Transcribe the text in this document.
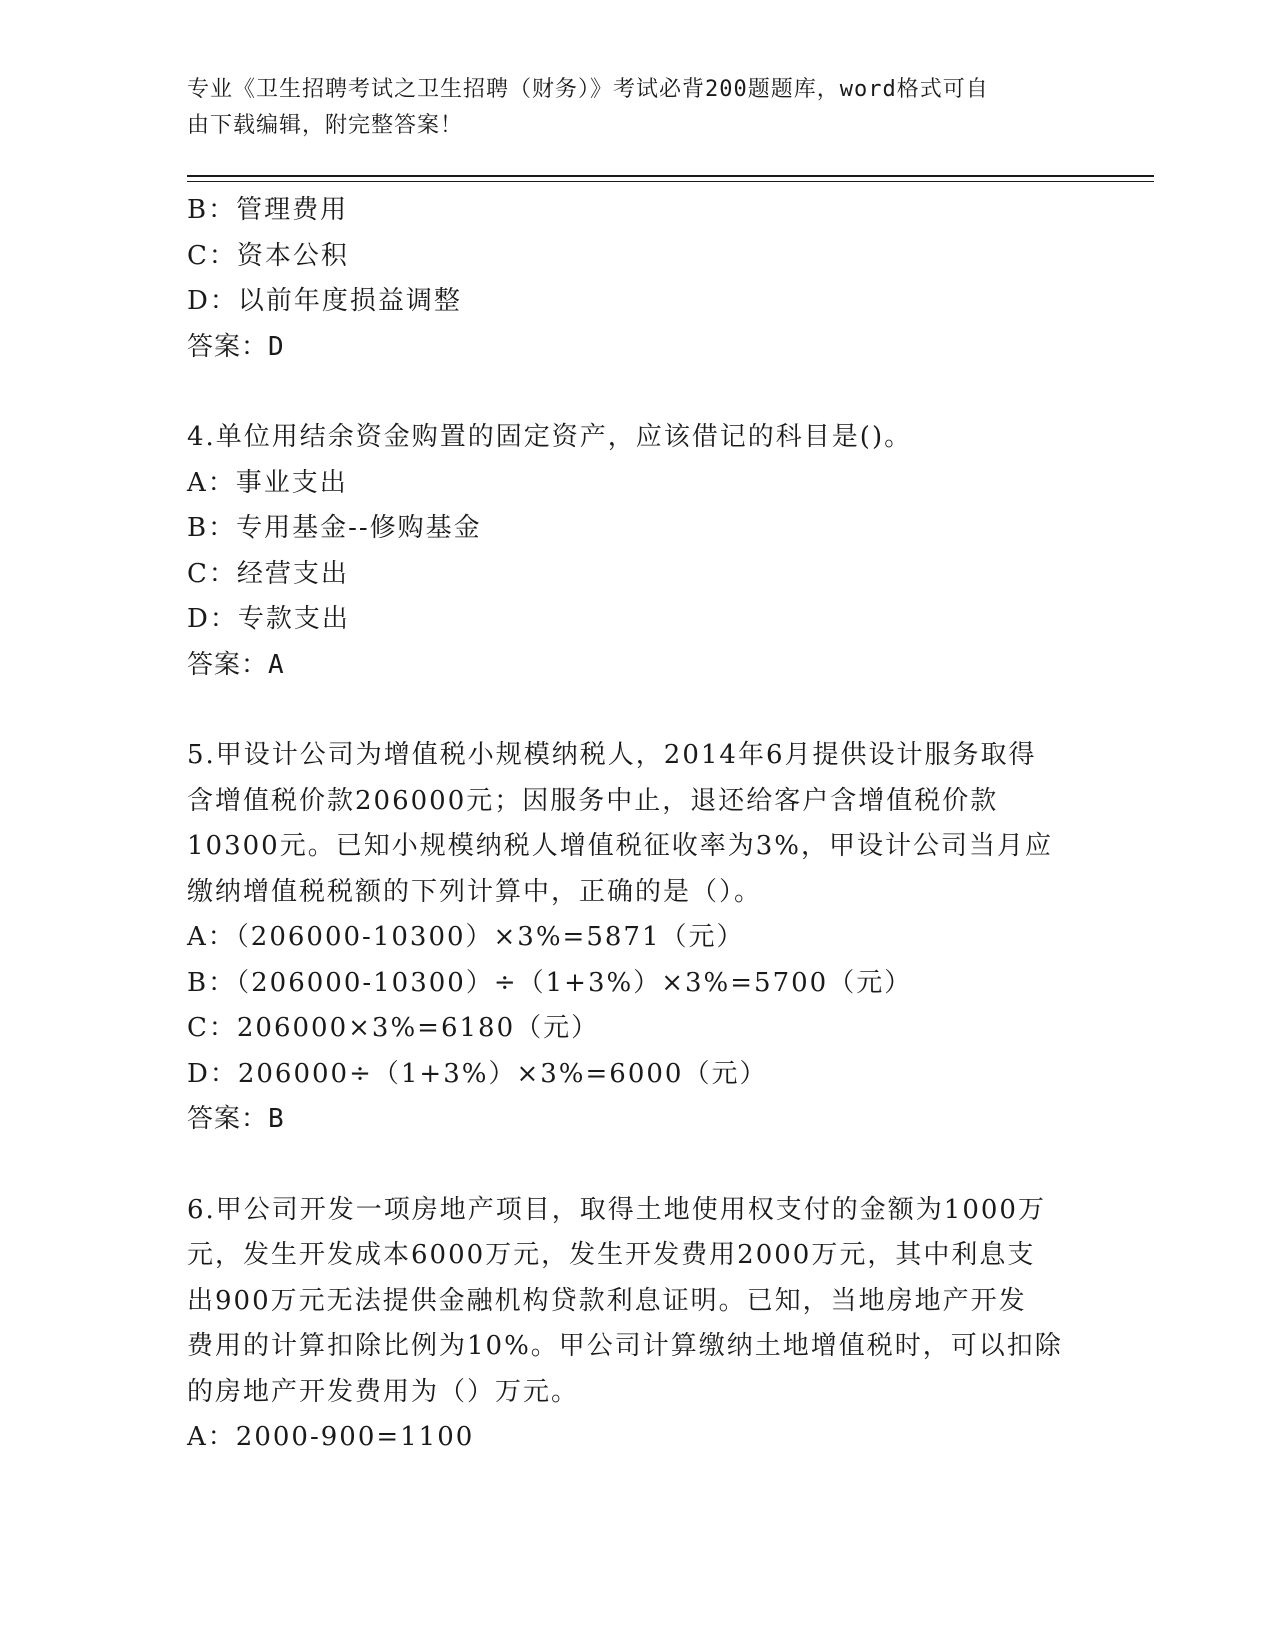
专业《卫生招聘考试之卫生招聘（财务）》考试必背200题题库，word格式可自
由下载编辑，附完整答案！
B：管理费用
C：资本公积
D：以前年度损益调整
答案：D
4.单位用结余资金购置的固定资产，应该借记的科目是()。
A：事业支出
B：专用基金--修购基金
C：经营支出
D：专款支出
答案：A
5.甲设计公司为增值税小规模纳税人，2014年6月提供设计服务取得
含增值税价款206000元；因服务中止，退还给客户含增值税价款
10300元。已知小规模纳税人增值税征收率为3%，甲设计公司当月应
缴纳增值税税额的下列计算中，正确的是（）。
A：（206000-10300）×3%=5871（元）
B：（206000-10300）÷（1+3%）×3%=5700（元）
C：206000×3%=6180（元）
D：206000÷（1+3%）×3%=6000（元）
答案：B
6.甲公司开发一项房地产项目，取得土地使用权支付的金额为1000万
元，发生开发成本6000万元，发生开发费用2000万元，其中利息支
出900万元无法提供金融机构贷款利息证明。已知，当地房地产开发
费用的计算扣除比例为10%。甲公司计算缴纳土地增值税时，可以扣除
的房地产开发费用为（）万元。
A：2000-900=1100
